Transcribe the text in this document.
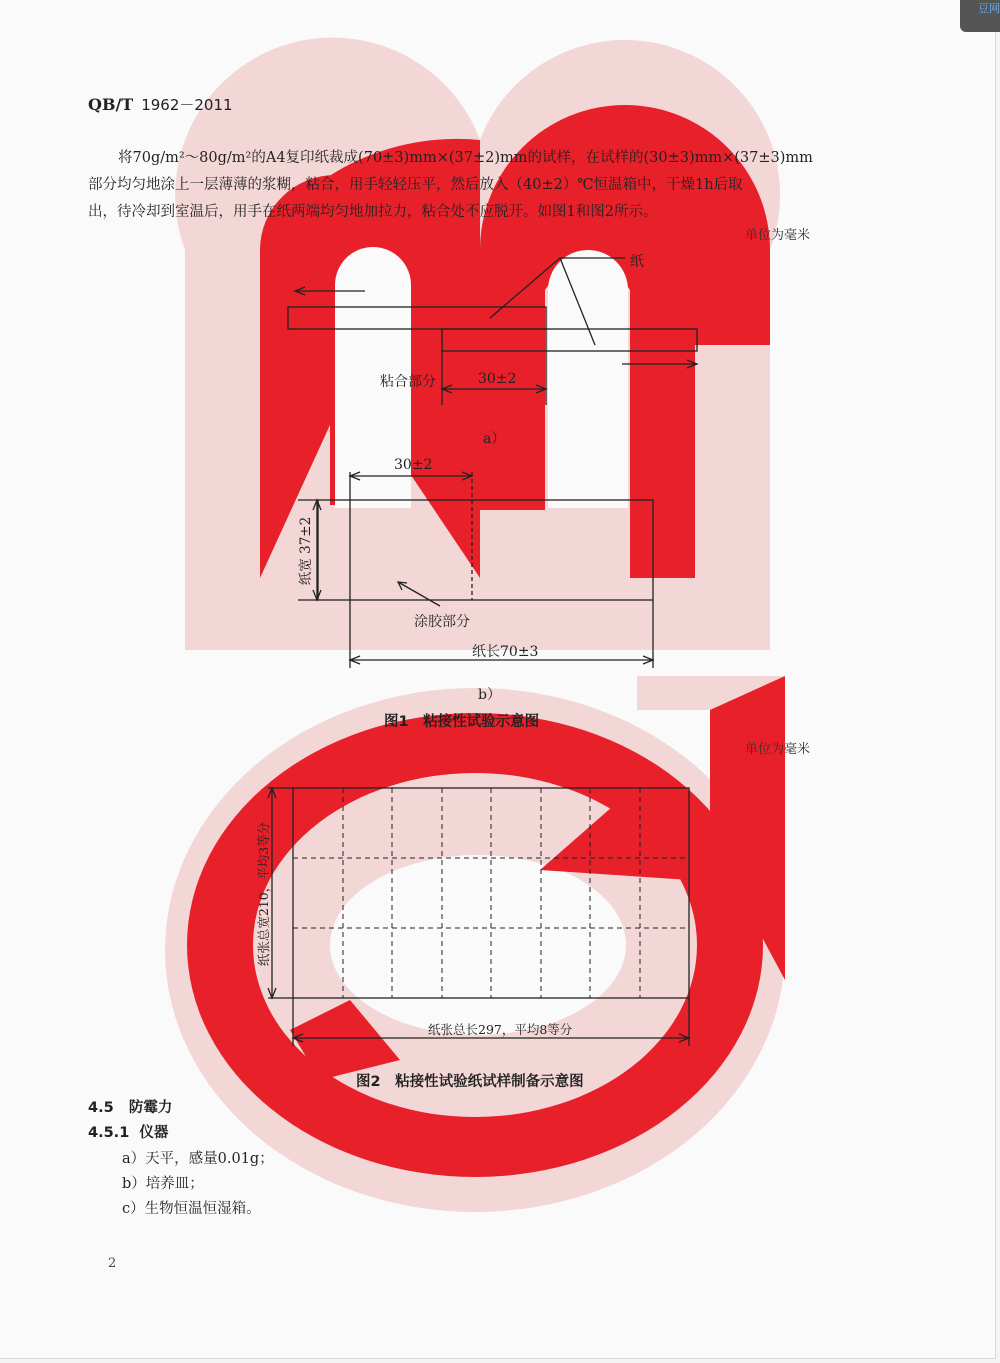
QB/T 1962－2011

将70g/m²～80g/m²的A4复印纸裁成(70±3)mm×(37±2)mm的试样，在试样的(30±3)mm×(37±3)mm

部分均匀地涂上一层薄薄的浆糊，粘合，用手轻轻压平，然后放入（40±2）℃恒温箱中，干燥1h后取

出，待冷却到室温后，用手在纸两端均匀地加拉力，粘合处不应脱开。如图1和图2所示。

单位为毫米
纸
粘合部分	30±2
a）
30±2
纸宽 37±2
涂胶部分
纸长70±3
b）
图1　粘接性试验示意图
单位为毫米
纸张总宽210，平均3等分
纸张总长297，平均8等分
图2　粘接性试验纸试样制备示意图
4.5 防霉力
4.5.1 仪器
a）天平，感量0.01g；
b）培养皿；
c）生物恒温恒湿箱。
2
豆网
